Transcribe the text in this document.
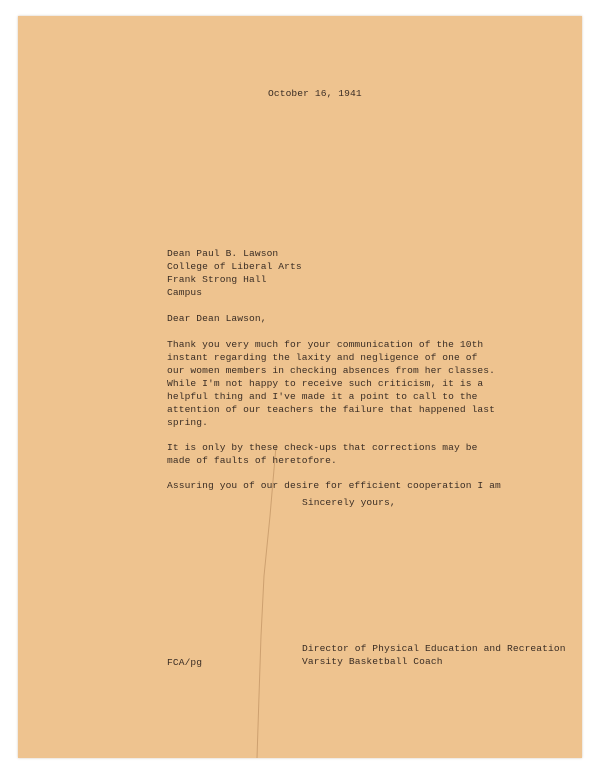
October 16, 1941
Dean Paul B. Lawson
College of Liberal Arts
Frank Strong Hall
Campus
Dear Dean Lawson,
Thank you very much for your communication of the 10th
instant regarding the laxity and negligence of one of
our women members in checking absences from her classes.
While I'm not happy to receive such criticism, it is a
helpful thing and I've made it a point to call to the
attention of our teachers the failure that happened last
spring.
It is only by these check-ups that corrections may be
made of faults of heretofore.
Assuring you of our desire for efficient cooperation I am
Sincerely yours,
FCA/pg
Director of Physical Education and Recreation
Varsity Basketball Coach
